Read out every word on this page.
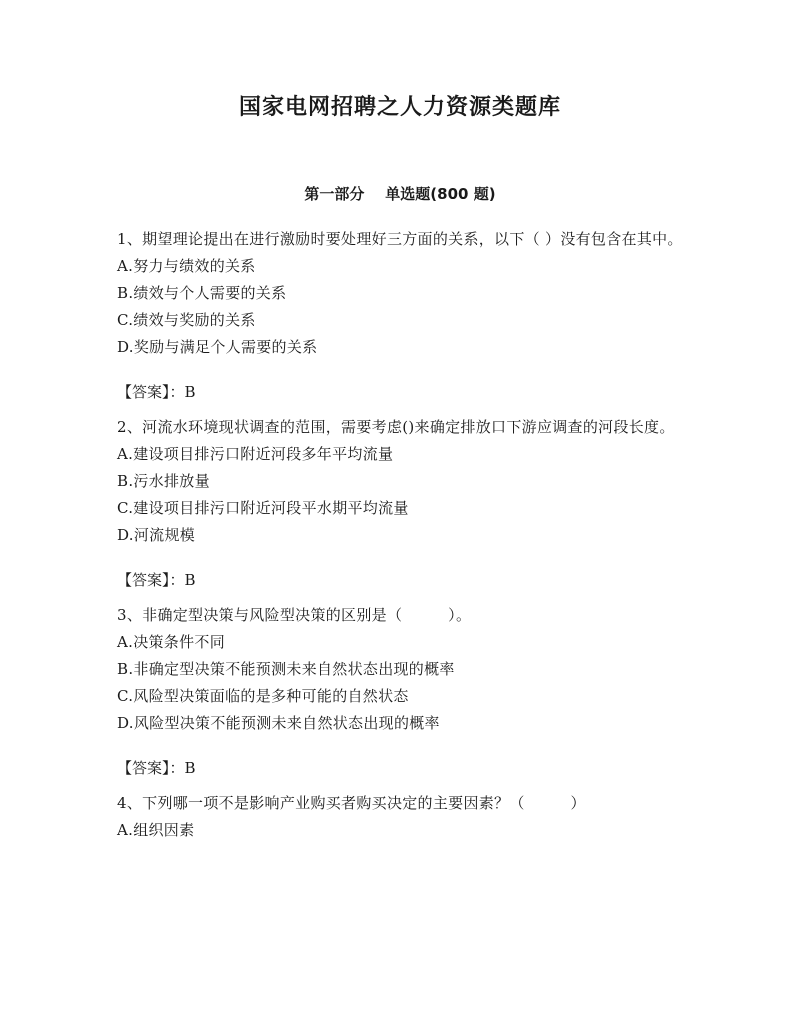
国家电网招聘之人力资源类题库
第一部分    单选题(800 题)
1、期望理论提出在进行激励时要处理好三方面的关系，以下（ ）没有包含在其中。
A.努力与绩效的关系
B.绩效与个人需要的关系
C.绩效与奖励的关系
D.奖励与满足个人需要的关系
【答案】：B
2、河流水环境现状调查的范围，需要考虑()来确定排放口下游应调查的河段长度。
A.建设项目排污口附近河段多年平均流量
B.污水排放量
C.建设项目排污口附近河段平水期平均流量
D.河流规模
【答案】：B
3、非确定型决策与风险型决策的区别是（　　　）。
A.决策条件不同
B.非确定型决策不能预测未来自然状态出现的概率
C.风险型决策面临的是多种可能的自然状态
D.风险型决策不能预测未来自然状态出现的概率
【答案】：B
4、下列哪一项不是影响产业购买者购买决定的主要因素？（　　　）
A.组织因素
